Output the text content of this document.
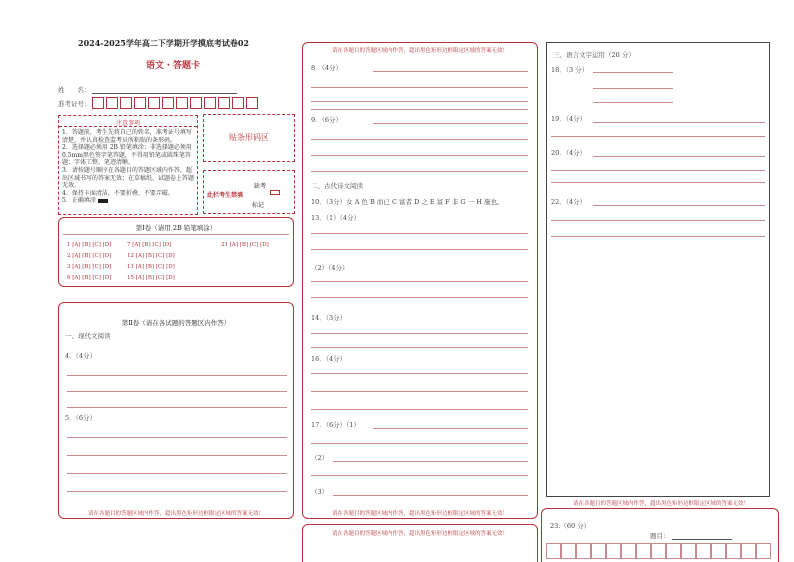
2024-2025学年高二下学期开学摸底考试卷02
语文・答题卡
姓　　名：
准考证号：
注意事项
1．答题前，考生先将自己的姓名，准考证号填写清楚，并认真检查监考员所粘贴的条形码。
2．选择题必须用 2B 铅笔填涂；非选择题必须用0.5mm黑色签字笔答题，不得用铅笔或圆珠笔答题；字体工整、笔迹清晰。
3．请按题号顺序在各题目的答题区域内作答，超出区域书写的答案无效；在草稿纸、试题卷上答题无效。
4．保持卡面清洁，不要折叠、不要弄破。
5．正确填涂
贴条形码区
缺考
此栏考生禁填
标记
第Ⅰ卷（请用 2B 铅笔填涂）
1 [A] [B] [C] [D]
2 [A] [B] [C] [D]
3 [A] [B] [C] [D]
6 [A] [B] [C] [D]
7 [A] [B] [C] [D]
11 [A] [B] [C] [D]
12 [A] [B] [C] [D]
15 [A] [B] [C] [D]
21 [A] [B] [C] [D]
第Ⅱ卷（请在各试题的答题区内作答）
一、现代文阅读
4．（4分）
5．（6分）
请在各题目的答题区域内作答，超出黑色矩形边框限定区域的答案无效！
请在各题目的答题区域内作答，超出黑色矩形边框限定区域的答案无效！
8．（4分）
9．（6分）
二、古代诗文阅读
10．（3分）女 A 色 B 而已 C 富者 D 之 E 富 F 非 G 一 H 施也。
13．（1）（4分）
（2）（4分）
14．（3分）
16．（4分）
17．（6分）（1）
（2）
（3）
请在各题目的答题区域内作答，超出黑色矩形边框限定区域的答案无效！
请在各题目的答题区域内作答，超出黑色矩形边框限定区域的答案无效！
三、语言文字运用（20 分）
18．（3 分）
19．（4分）
20．（4分）
22．（4分）
请在各题目的答题区域内作答，超出黑色矩形边框限定区域的答案无效！
23.（60 分）
题目：
